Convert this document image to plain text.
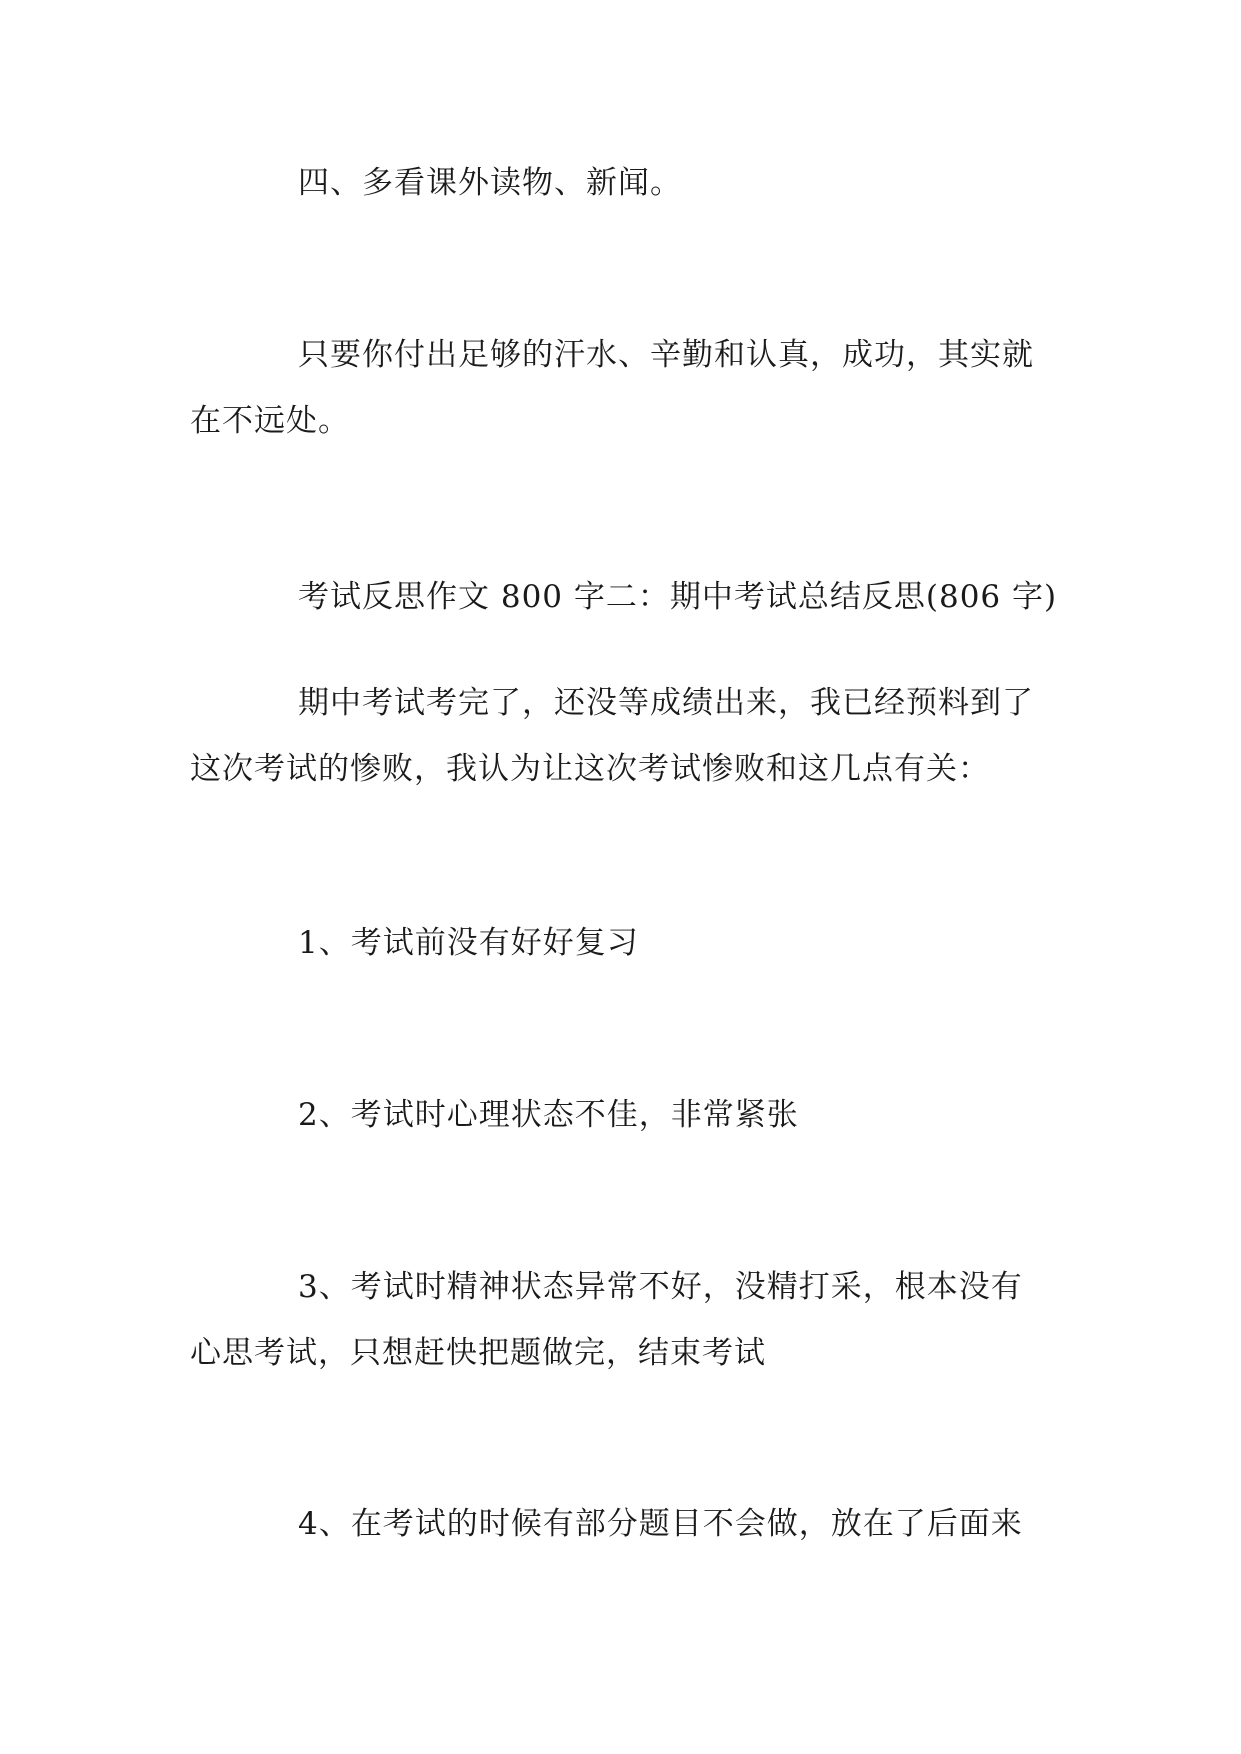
四、多看课外读物、新闻。

只要你付出足够的汗水、辛勤和认真，成功，其实就
在不远处。

考试反思作文 800 字二：期中考试总结反思(806 字)

期中考试考完了，还没等成绩出来，我已经预料到了
这次考试的惨败，我认为让这次考试惨败和这几点有关：

1、考试前没有好好复习

2、考试时心理状态不佳，非常紧张

3、考试时精神状态异常不好，没精打采，根本没有
心思考试，只想赶快把题做完，结束考试

4、在考试的时候有部分题目不会做，放在了后面来
